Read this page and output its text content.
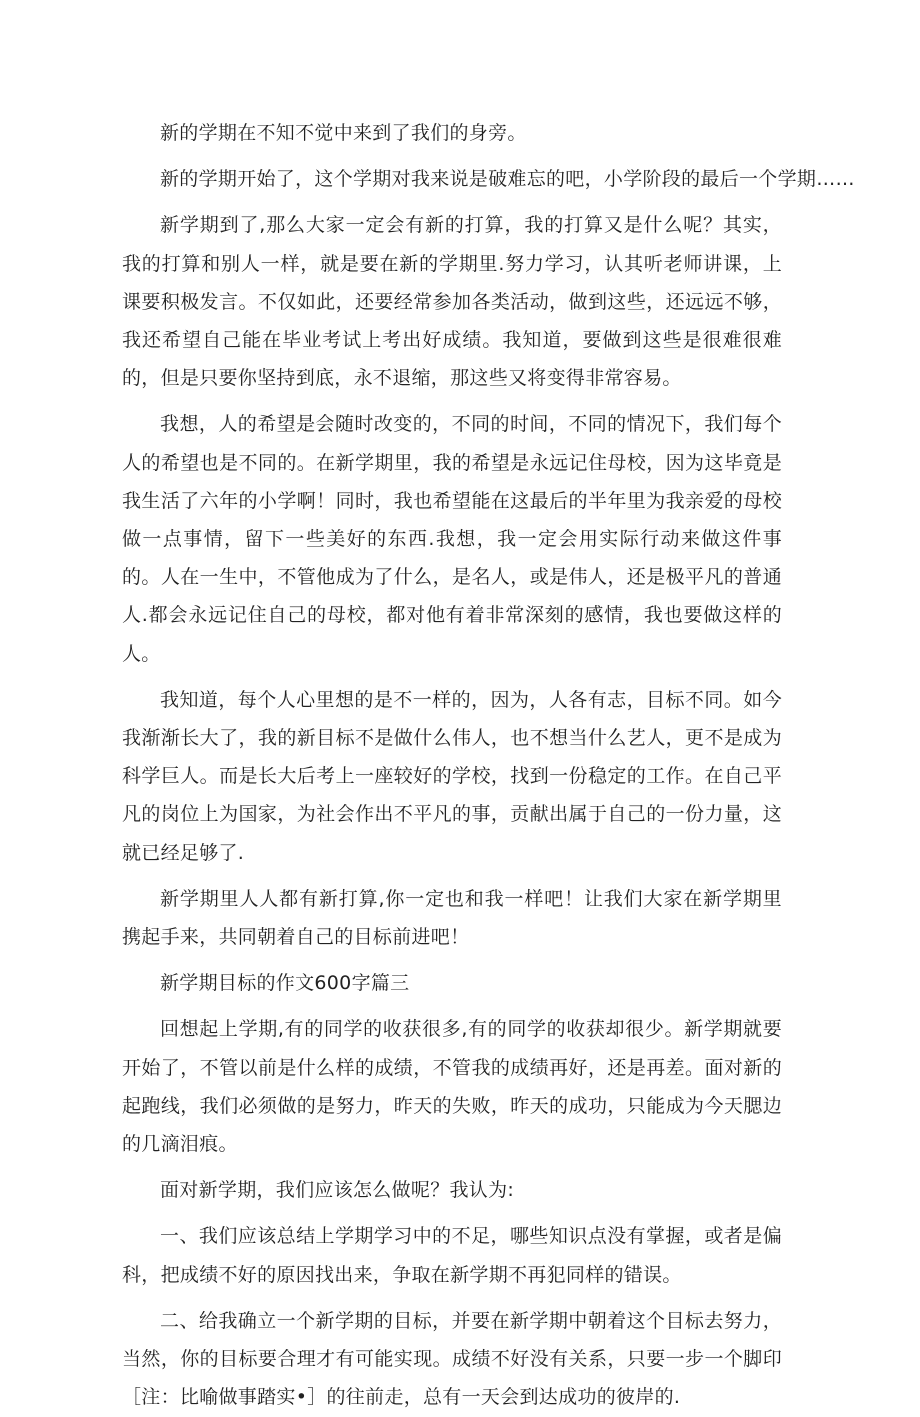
新的学期在不知不觉中来到了我们的身旁。

新的学期开始了，这个学期对我来说是破难忘的吧，小学阶段的最后一个学期……

新学期到了,那么大家一定会有新的打算，我的打算又是什么呢？其实，我的打算和别人一样，就是要在新的学期里.努力学习，认其听老师讲课，上课要积极发言。不仅如此，还要经常参加各类活动，做到这些，还远远不够，我还希望自己能在毕业考试上考出好成绩。我知道，要做到这些是很难很难的，但是只要你坚持到底，永不退缩，那这些又将变得非常容易。

我想，人的希望是会随时改变的，不同的时间，不同的情况下，我们每个人的希望也是不同的。在新学期里，我的希望是永远记住母校，因为这毕竟是我生活了六年的小学啊！同时，我也希望能在这最后的半年里为我亲爱的母校做一点事情，留下一些美好的东西.我想，我一定会用实际行动来做这件事的。人在一生中，不管他成为了什么，是名人，或是伟人，还是极平凡的普通人.都会永远记住自己的母校，都对他有着非常深刻的感情，我也要做这样的人。

我知道，每个人心里想的是不一样的，因为，人各有志，目标不同。如今我渐渐长大了，我的新目标不是做什么伟人，也不想当什么艺人，更不是成为科学巨人。而是长大后考上一座较好的学校，找到一份稳定的工作。在自己平凡的岗位上为国家，为社会作出不平凡的事，贡献出属于自己的一份力量，这就已经足够了.

新学期里人人都有新打算,你一定也和我一样吧！让我们大家在新学期里携起手来，共同朝着自己的目标前进吧！

新学期目标的作文600字篇三

回想起上学期,有的同学的收获很多,有的同学的收获却很少。新学期就要开始了，不管以前是什么样的成绩，不管我的成绩再好，还是再差。面对新的起跑线，我们必须做的是努力，昨天的失败，昨天的成功，只能成为今天腮边的几滴泪痕。

面对新学期，我们应该怎么做呢？我认为:

一、我们应该总结上学期学习中的不足，哪些知识点没有掌握，或者是偏科，把成绩不好的原因找出来，争取在新学期不再犯同样的错误。

二、给我确立一个新学期的目标，并要在新学期中朝着这个目标去努力，当然，你的目标要合理才有可能实现。成绩不好没有关系，只要一步一个脚印［注：比喻做事踏实•］的往前走，总有一天会到达成功的彼岸的.
